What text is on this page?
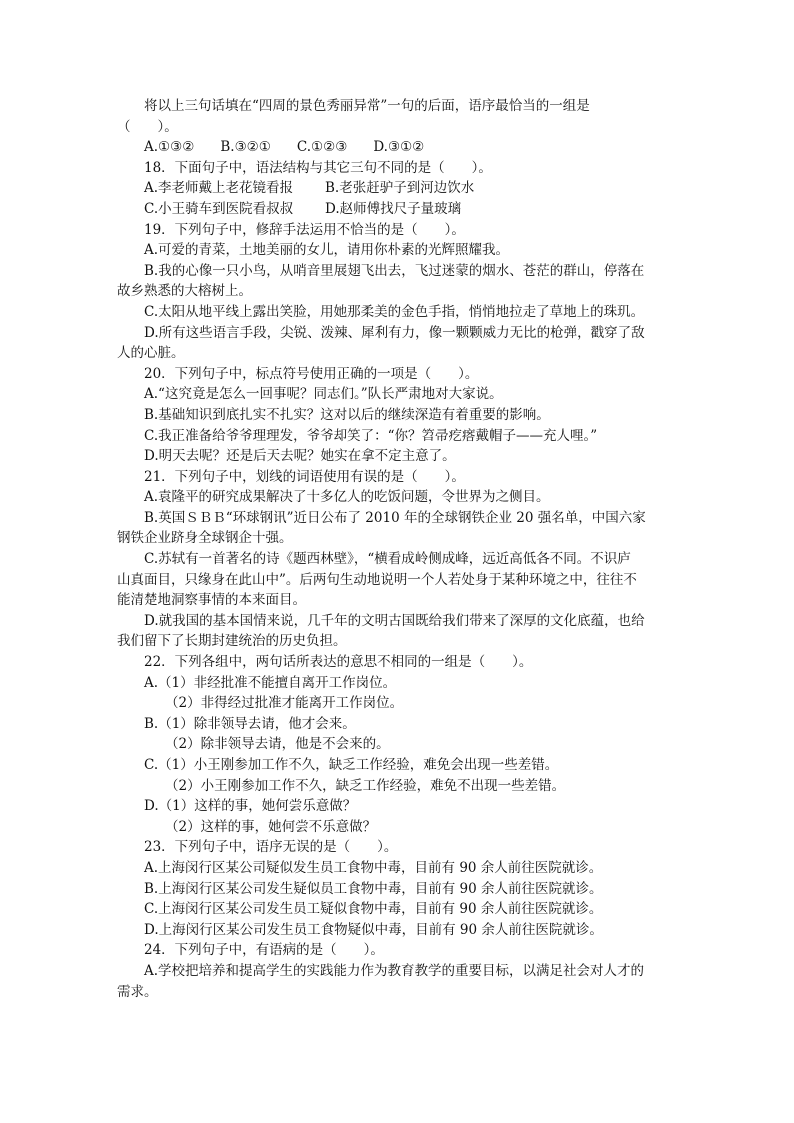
将以上三句话填在“四周的景色秀丽异常”一句的后面，语序最恰当的一组是

（　　）。

A.①③② B.③②① C.①②③ D.③①②

18．下面句子中，语法结构与其它三句不同的是（　　）。

A.李老师戴上老花镜看报 B.老张赶驴子到河边饮水

C.小王骑车到医院看叔叔 D.赵师傅找尺子量玻璃

19．下列句子中，修辞手法运用不恰当的是（　　）。

A.可爱的青菜，土地美丽的女儿，请用你朴素的光辉照耀我。

B.我的心像一只小鸟，从哨音里展翅飞出去，飞过迷蒙的烟水、苍茫的群山，停落在

故乡熟悉的大榕树上。

C.太阳从地平线上露出笑脸，用她那柔美的金色手指，悄悄地拉走了草地上的珠玑。

D.所有这些语言手段，尖锐、泼辣、犀利有力，像一颗颗威力无比的枪弹，戳穿了敌

人的心脏。

20．下列句子中，标点符号使用正确的一项是（　　）。

A.“这究竟是怎么一回事呢？同志们。”队长严肃地对大家说。

B.基础知识到底扎实不扎实？这对以后的继续深造有着重要的影响。

C.我正准备给爷爷理理发，爷爷却笑了：“你？笤帚疙瘩戴帽子——充人哩。”

D.明天去呢？还是后天去呢？她实在拿不定主意了。

21．下列句子中，划线的词语使用有误的是（　　）。

A.袁隆平的研究成果解决了十多亿人的吃饭问题，令世界为之侧目。

B.英国ＳＢＢ“环球钢讯”近日公布了 2010 年的全球钢铁企业 20 强名单，中国六家

钢铁企业跻身全球钢企十强。

C.苏轼有一首著名的诗《题西林壁》，“横看成岭侧成峰，远近高低各不同。不识庐

山真面目，只缘身在此山中”。后两句生动地说明一个人若处身于某种环境之中，往往不

能清楚地洞察事情的本来面目。

D.就我国的基本国情来说，几千年的文明古国既给我们带来了深厚的文化底蕴，也给

我们留下了长期封建统治的历史负担。

22．下列各组中，两句话所表达的意思不相同的一组是（　　）。

A.（1）非经批准不能擅自离开工作岗位。

（2）非得经过批准才能离开工作岗位。

B.（1）除非领导去请，他才会来。

（2）除非领导去请，他是不会来的。

C.（1）小王刚参加工作不久，缺乏工作经验，难免会出现一些差错。

（2）小王刚参加工作不久，缺乏工作经验，难免不出现一些差错。

D.（1）这样的事，她何尝乐意做？

（2）这样的事，她何尝不乐意做？

23．下列句子中，语序无误的是（　　）。

A.上海闵行区某公司疑似发生员工食物中毒，目前有 90 余人前往医院就诊。

B.上海闵行区某公司发生疑似员工食物中毒，目前有 90 余人前往医院就诊。

C.上海闵行区某公司发生员工疑似食物中毒，目前有 90 余人前往医院就诊。

D.上海闵行区某公司发生员工食物疑似中毒，目前有 90 余人前往医院就诊。

24．下列句子中，有语病的是（　　）。

A.学校把培养和提高学生的实践能力作为教育教学的重要目标，以满足社会对人才的

需求。
